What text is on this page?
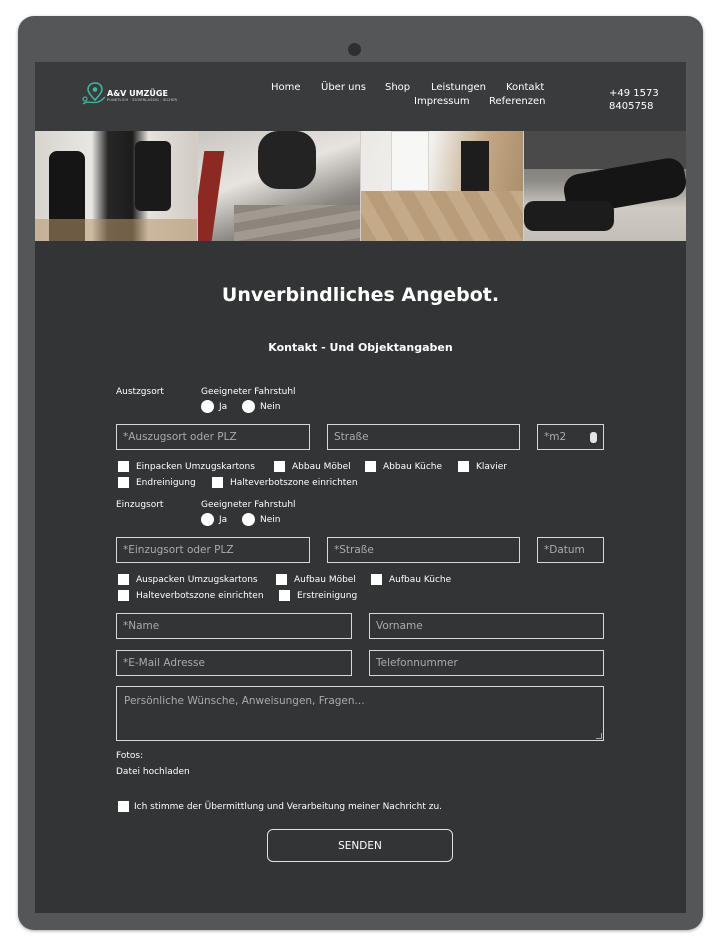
A&V UMZÜGE
PUNKTLICH · ZUVERLASSIG · SICHER
Home Über uns Shop Leistungen Kontakt
Impressum Referenzen
+49 1573
8405758
Unverbindliches Angebot.
Kontakt - Und Objektangaben
Austzgsort	Geeigneter Fahrstuhl
Ja	Nein
*Auszugsort oder PLZ	Straße	*m2
Einpacken Umzugskartons	Abbau Möbel	Abbau Küche	Klavier
Endreinigung	Halteverbotszone einrichten
Einzugsort	Geeigneter Fahrstuhl
Ja	Nein
*Einzugsort oder PLZ	*Straße	*Datum
Auspacken Umzugskartons	Aufbau Möbel	Aufbau Küche
Halteverbotszone einrichten	Erstreinigung
*Name	Vorname
*E-Mail Adresse	Telefonnummer
Persönliche Wünsche, Anweisungen, Fragen...
Fotos:
Datei hochladen
Ich stimme der Übermittlung und Verarbeitung meiner Nachricht zu.
SENDEN
